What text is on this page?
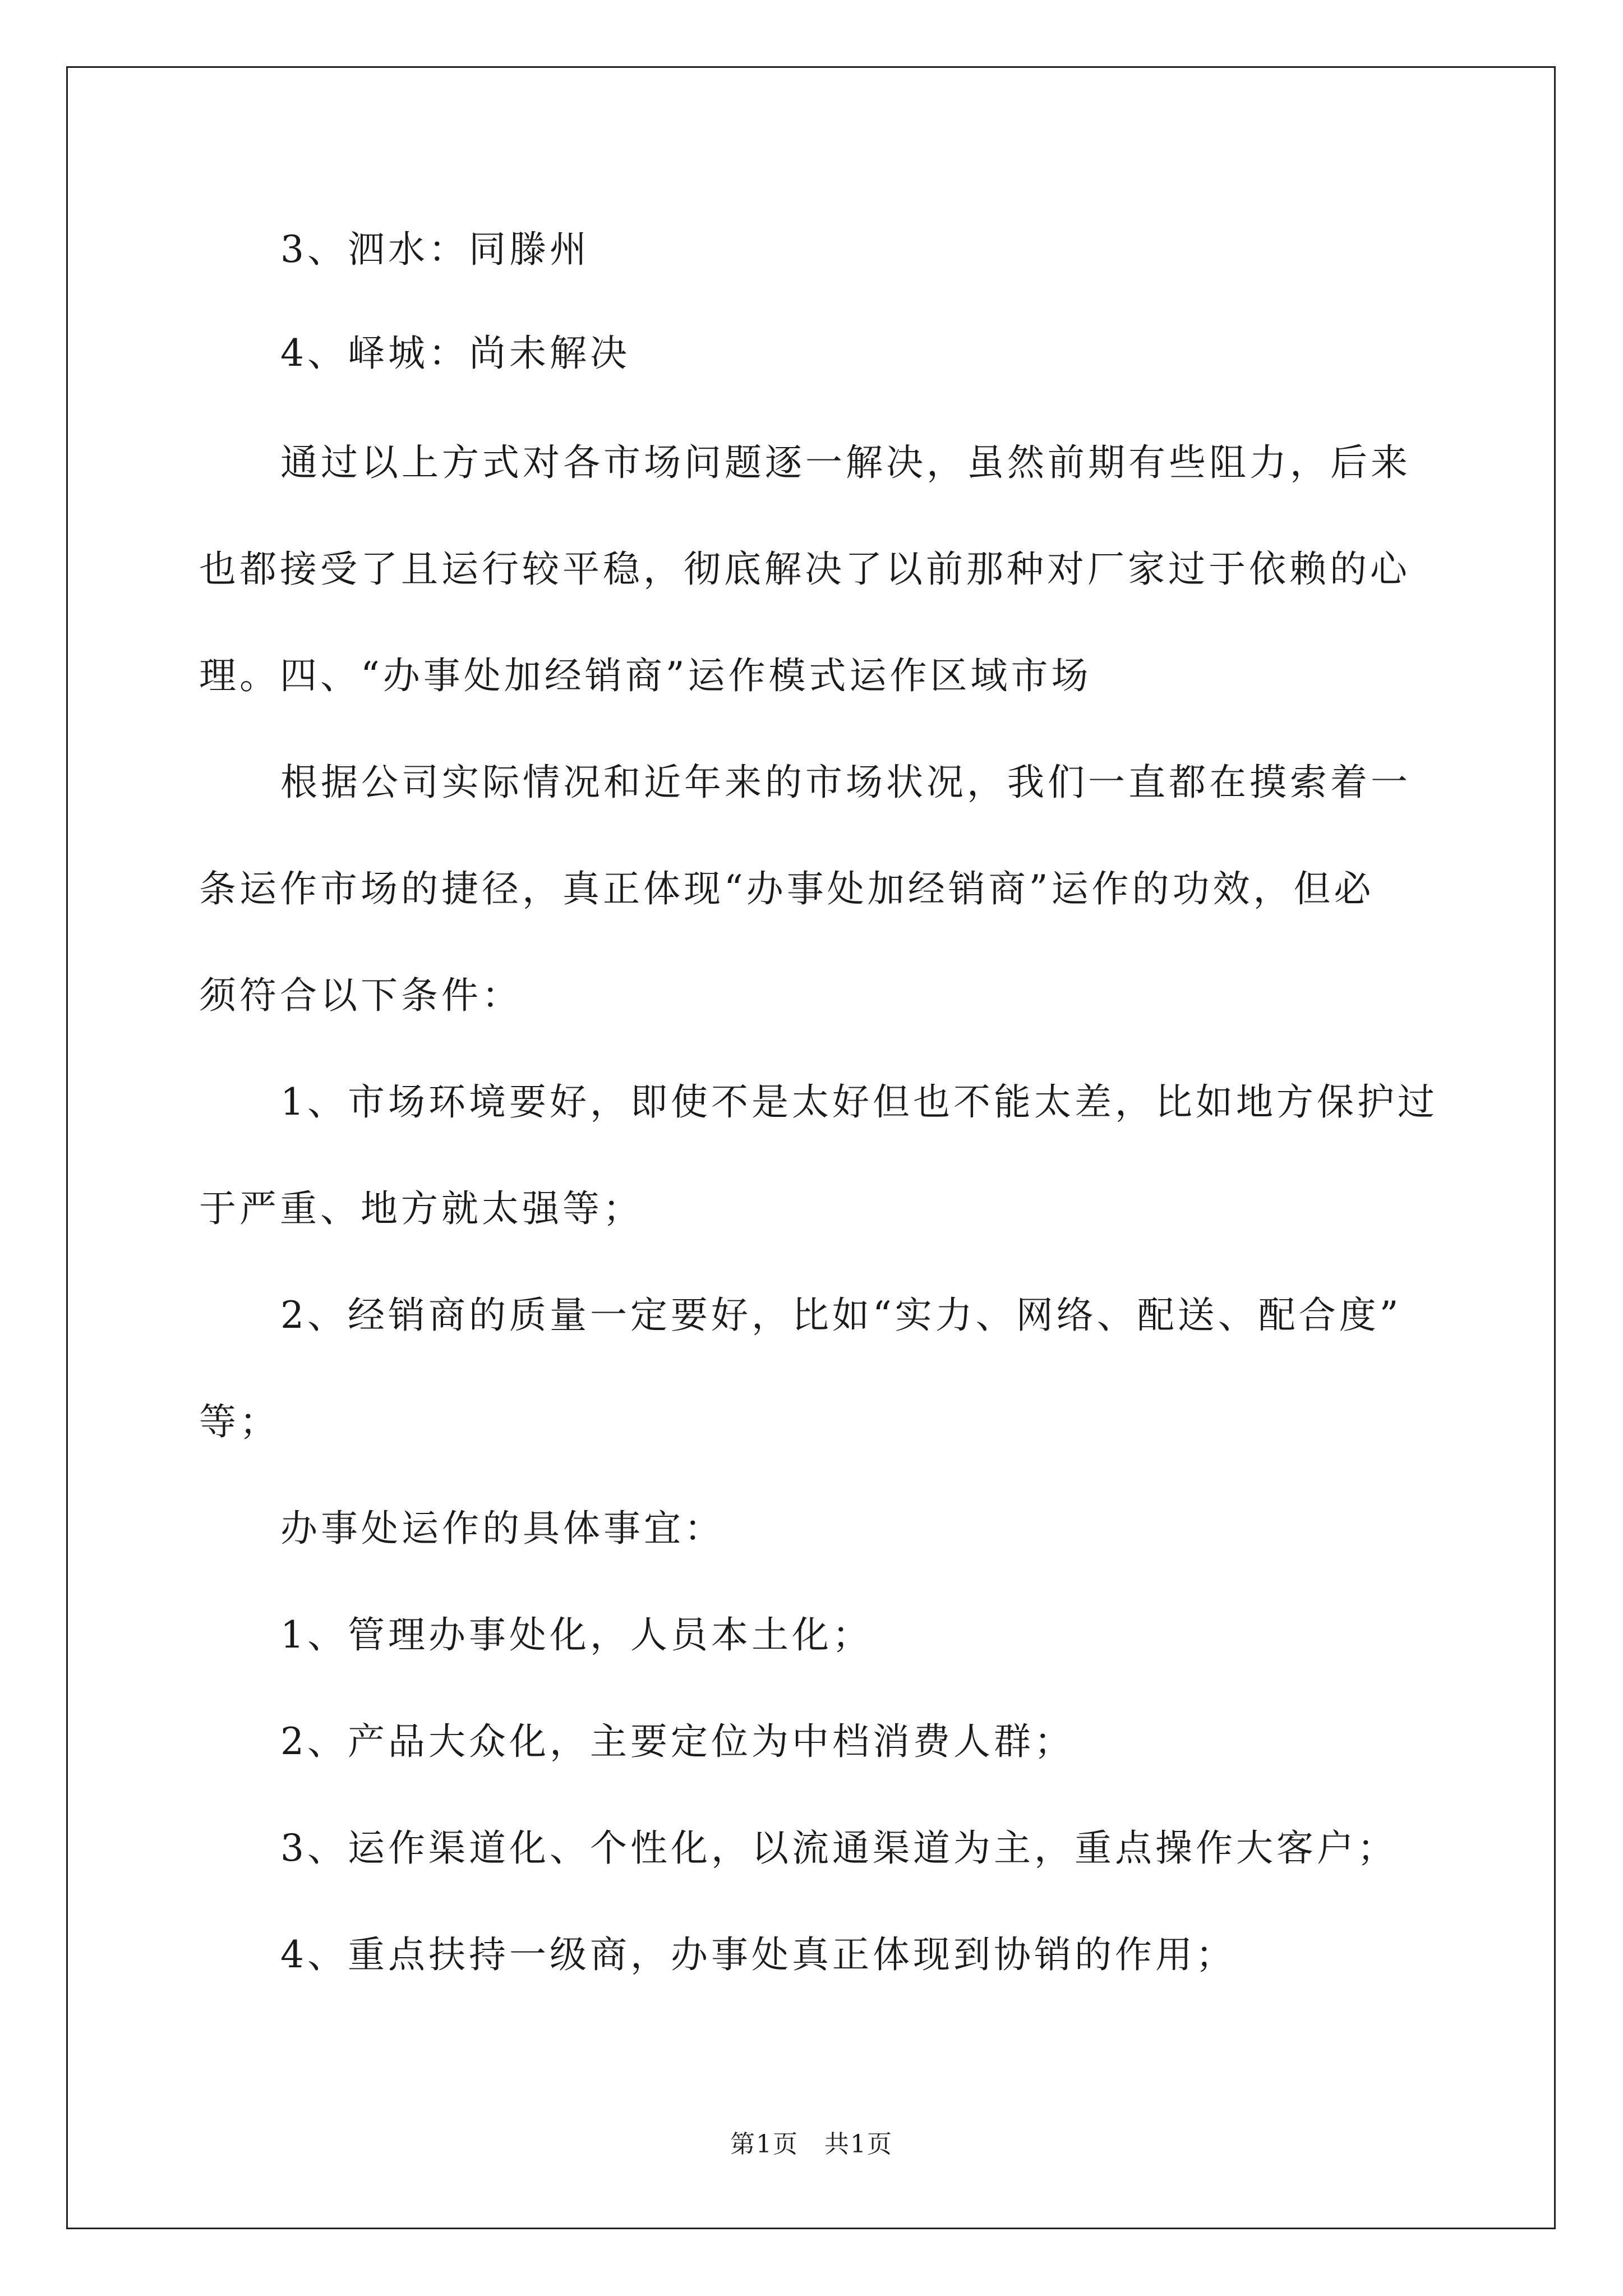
3、泗水：同滕州
4、峄城：尚未解决
通过以上方式对各市场问题逐一解决，虽然前期有些阻力，后来
也都接受了且运行较平稳，彻底解决了以前那种对厂家过于依赖的心
理。四、“办事处加经销商”运作模式运作区域市场
根据公司实际情况和近年来的市场状况，我们一直都在摸索着一
条运作市场的捷径，真正体现“办事处加经销商”运作的功效，但必
须符合以下条件：
1、市场环境要好，即使不是太好但也不能太差，比如地方保护过
于严重、地方就太强等；
2、经销商的质量一定要好，比如“实力、网络、配送、配合度”
等；
办事处运作的具体事宜：
1、管理办事处化，人员本土化；
2、产品大众化，主要定位为中档消费人群；
3、运作渠道化、个性化，以流通渠道为主，重点操作大客户；
4、重点扶持一级商，办事处真正体现到协销的作用；
第1页　共1页
